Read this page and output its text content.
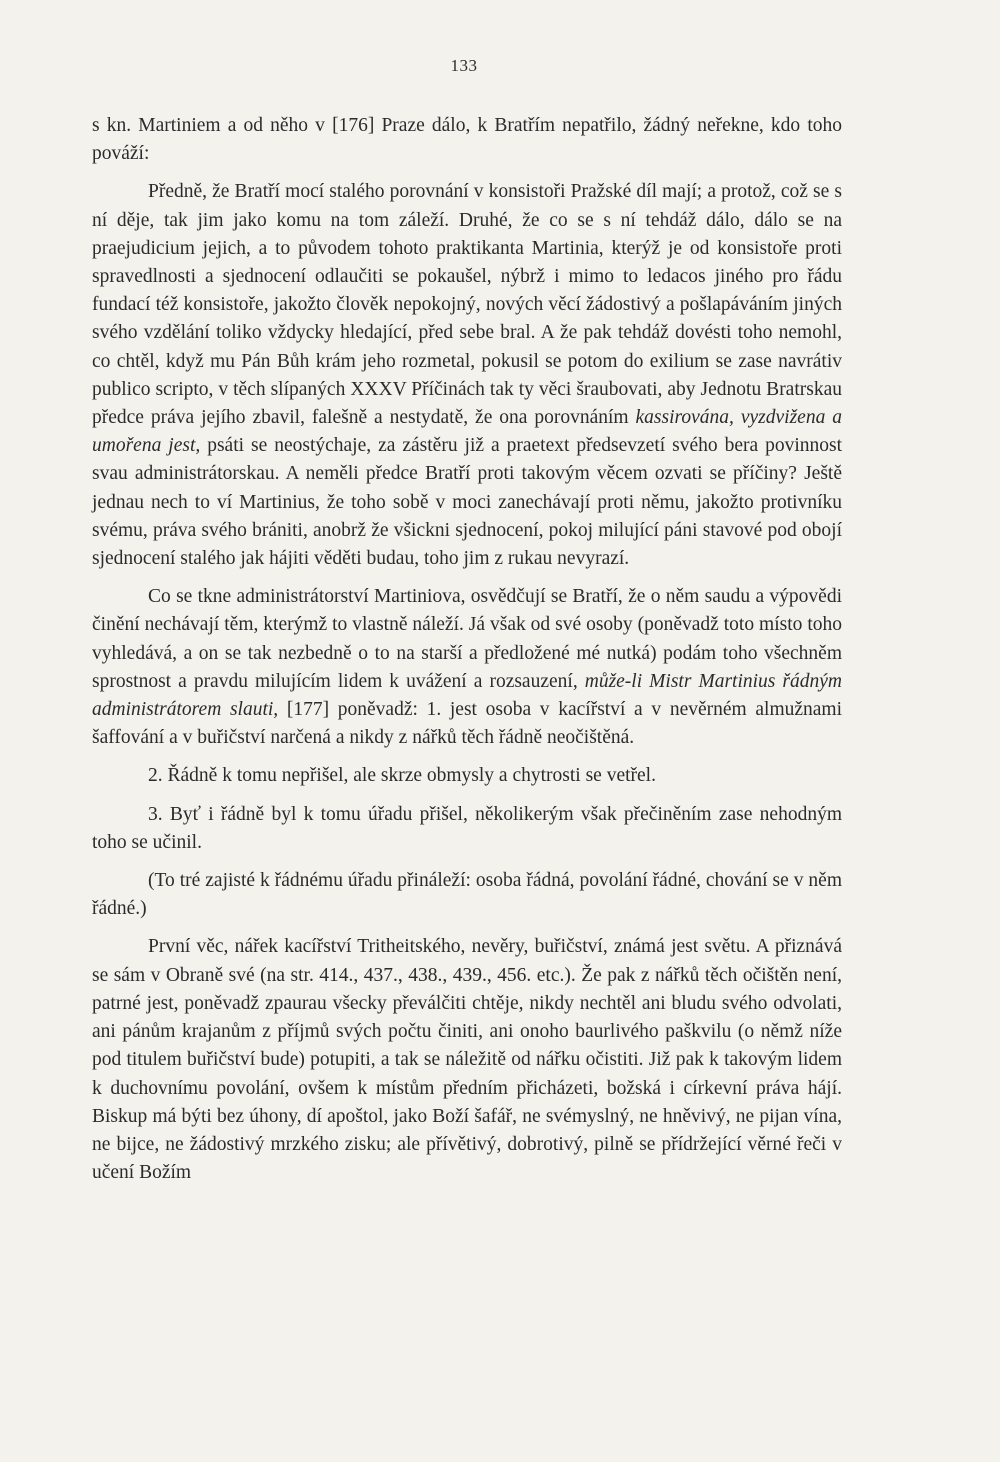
133

s kn. Martiniem a od něho v [176] Praze dálo, k Bratřím nepatřilo, žádný neřekne, kdo toho pováží:

Předně, že Bratří mocí stalého porovnání v konsistoři Pražské díl mají; a protož, což se s ní děje, tak jim jako komu na tom záleží. Druhé, že co se s ní tehdáž dálo, dálo se na praejudicium jejich, a to původem tohoto praktikanta Martinia, kterýž je od konsistoře proti spravedlnosti a sjednocení odlaučiti se pokaušel, nýbrž i mimo to ledacos jiného pro řádu fundací též konsistoře, jakožto člověk nepokojný, nových věcí žádostivý a pošlapáváním jiných svého vzdělání toliko vždycky hledající, před sebe bral. A že pak tehdáž dovésti toho nemohl, co chtěl, když mu Pán Bůh krám jeho rozmetal, pokusil se potom do exilium se zase navrátiv publico scripto, v těch slípaných XXXV Příčinách tak ty věci šraubovati, aby Jednotu Bratrskau předce práva jejího zbavil, falešně a nestydatě, že ona porovnáním kassirována, vyzdvižena a umořena jest, psáti se neostýchaje, za zástěru již a praetext předsevzetí svého bera povinnost svau administrátorskau. A neměli předce Bratří proti takovým věcem ozvati se příčiny? Ještě jednau nech to ví Martinius, že toho sobě v moci zanechávají proti němu, jakožto protivníku svému, práva svého brániti, anobrž že všickni sjednocení, pokoj milující páni stavové pod obojí sjednocení stalého jak hájiti věděti budau, toho jim z rukau nevyrazí.

Co se tkne administrátorství Martiniova, osvědčují se Bratří, že o něm saudu a výpovědi činění nechávají těm, kterýmž to vlastně náleží. Já však od své osoby (poněvadž toto místo toho vyhledává, a on se tak nezbedně o to na starší a předložené mé nutká) podám toho všechněm sprostnost a pravdu milujícím lidem k uvážení a rozsauzení, může-li Mistr Martinius řádným administrátorem slauti, [177] poněvadž: 1. jest osoba v kacířství a v nevěrném almužnami šaffování a v buřičství narčená a nikdy z nářků těch řádně neočištěná.

2. Řádně k tomu nepřišel, ale skrze obmysly a chytrosti se vetřel.

3. Byť i řádně byl k tomu úřadu přišel, několikerým však přečiněním zase nehodným toho se učinil.

(To tré zajisté k řádnému úřadu přináleží: osoba řádná, povolání řádné, chování se v něm řádné.)

První věc, nářek kacířství Tritheitského, nevěry, buřičství, známá jest světu. A přiznává se sám v Obraně své (na str. 414., 437., 438., 439., 456. etc.). Že pak z nářků těch očištěn není, patrné jest, poněvadž zpaurau všecky převálčiti chtěje, nikdy nechtěl ani bludu svého odvolati, ani pánům krajanům z příjmů svých počtu činiti, ani onoho baurlivého paškvilu (o němž níže pod titulem buřičství bude) potupiti, a tak se náležitě od nářku očistiti. Již pak k takovým lidem k duchovnímu povolání, ovšem k místům předním přicházeti, božská i církevní práva hájí. Biskup má býti bez úhony, dí apoštol, jako Boží šafář, ne svémyslný, ne hněvivý, ne pijan vína, ne bijce, ne žádostivý mrzkého zisku; ale přívětivý, dobrotivý, pilně se přídržející věrné řeči v učení Božím
